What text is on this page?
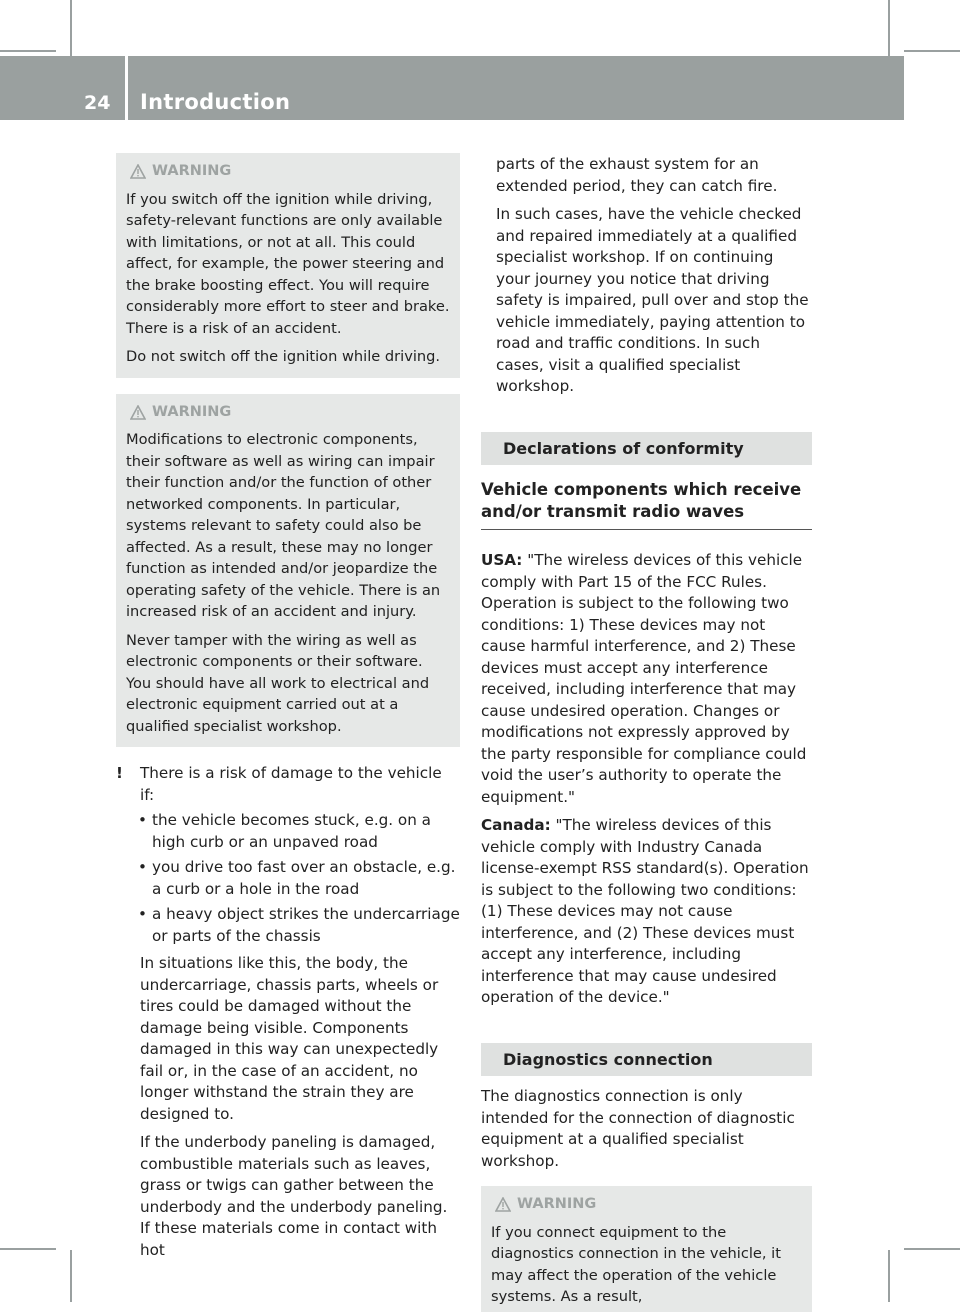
24 Introduction
WARNING

If you switch off the ignition while driving, safety-relevant functions are only available with limitations, or not at all. This could affect, for example, the power steering and the brake boosting effect. You will require considerably more effort to steer and brake. There is a risk of an accident.

Do not switch off the ignition while driving.

WARNING

Modifications to electronic components, their software as well as wiring can impair their function and/or the function of other networked components. In particular, systems relevant to safety could also be affected. As a result, these may no longer function as intended and/or jeopardize the operating safety of the vehicle. There is an increased risk of an accident and injury.

Never tamper with the wiring as well as electronic components or their software. You should have all work to electrical and electronic equipment carried out at a qualified specialist workshop.

!	There is a risk of damage to the vehicle if:
• the vehicle becomes stuck, e.g. on a high curb or an unpaved road
• you drive too fast over an obstacle, e.g. a curb or a hole in the road
• a heavy object strikes the undercarriage or parts of the chassis

In situations like this, the body, the undercarriage, chassis parts, wheels or tires could be damaged without the damage being visible. Components damaged in this way can unexpectedly fail or, in the case of an accident, no longer withstand the strain they are designed to.

If the underbody paneling is damaged, combustible materials such as leaves, grass or twigs can gather between the underbody and the underbody paneling. If these materials come in contact with hot

parts of the exhaust system for an extended period, they can catch fire.

In such cases, have the vehicle checked and repaired immediately at a qualified specialist workshop. If on continuing your journey you notice that driving safety is impaired, pull over and stop the vehicle immediately, paying attention to road and traffic conditions. In such cases, visit a qualified specialist workshop.

Declarations of conformity
Vehicle components which receive and/or transmit radio waves

USA: "The wireless devices of this vehicle comply with Part 15 of the FCC Rules. Operation is subject to the following two conditions: 1) These devices may not cause harmful interference, and 2) These devices must accept any interference received, including interference that may cause undesired operation. Changes or modifications not expressly approved by the party responsible for compliance could void the user’s authority to operate the equipment."

Canada: "The wireless devices of this vehicle comply with Industry Canada license-exempt RSS standard(s). Operation is subject to the following two conditions: (1) These devices may not cause interference, and (2) These devices must accept any interference, including interference that may cause undesired operation of the device."

Diagnostics connection

The diagnostics connection is only intended for the connection of diagnostic equipment at a qualified specialist workshop.

WARNING

If you connect equipment to the diagnostics connection in the vehicle, it may affect the operation of the vehicle systems. As a result,
